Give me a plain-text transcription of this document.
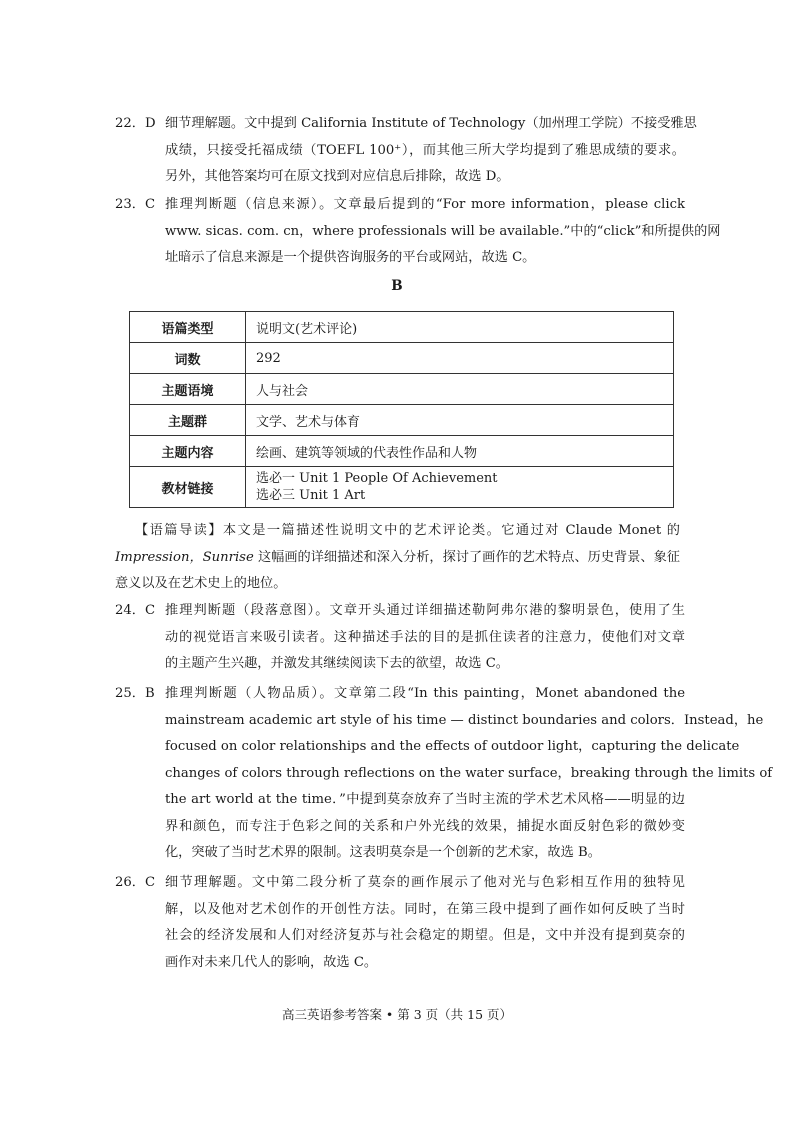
22．D 细节理解题。文中提到 California Institute of Technology（加州理工学院）不接受雅思
成绩，只接受托福成绩（TOEFL 100⁺），而其他三所大学均提到了雅思成绩的要求。
另外，其他答案均可在原文找到对应信息后排除，故选 D。
23．C 推理判断题（信息来源）。文章最后提到的“For more information，please click
www. sicas. com. cn，where professionals will be available.”中的“click”和所提供的网
址暗示了信息来源是一个提供咨询服务的平台或网站，故选 C。
B
语篇类型	说明文(艺术评论)
词数	292
主题语境	人与社会
主题群	文学、艺术与体育
主题内容	绘画、建筑等领域的代表性作品和人物
教材链接	选必一 Unit 1 People Of Achievement
选必三 Unit 1 Art
【语篇导读】本文是一篇描述性说明文中的艺术评论类。它通过对 Claude Monet 的
Impression，Sunrise 这幅画的详细描述和深入分析，探讨了画作的艺术特点、历史背景、象征
意义以及在艺术史上的地位。
24．C 推理判断题（段落意图）。文章开头通过详细描述勒阿弗尔港的黎明景色，使用了生
动的视觉语言来吸引读者。这种描述手法的目的是抓住读者的注意力，使他们对文章
的主题产生兴趣，并激发其继续阅读下去的欲望，故选 C。
25．B 推理判断题（人物品质）。文章第二段“In this painting，Monet abandoned the
mainstream academic art style of his time — distinct boundaries and colors．Instead，he
focused on color relationships and the effects of outdoor light，capturing the delicate
changes of colors through reflections on the water surface，breaking through the limits of
the art world at the time．”中提到莫奈放弃了当时主流的学术艺术风格——明显的边
界和颜色，而专注于色彩之间的关系和户外光线的效果，捕捉水面反射色彩的微妙变
化，突破了当时艺术界的限制。这表明莫奈是一个创新的艺术家，故选 B。
26．C 细节理解题。文中第二段分析了莫奈的画作展示了他对光与色彩相互作用的独特见
解，以及他对艺术创作的开创性方法。同时，在第三段中提到了画作如何反映了当时
社会的经济发展和人们对经济复苏与社会稳定的期望。但是，文中并没有提到莫奈的
画作对未来几代人的影响，故选 C。
高三英语参考答案 • 第 3 页（共 15 页）
